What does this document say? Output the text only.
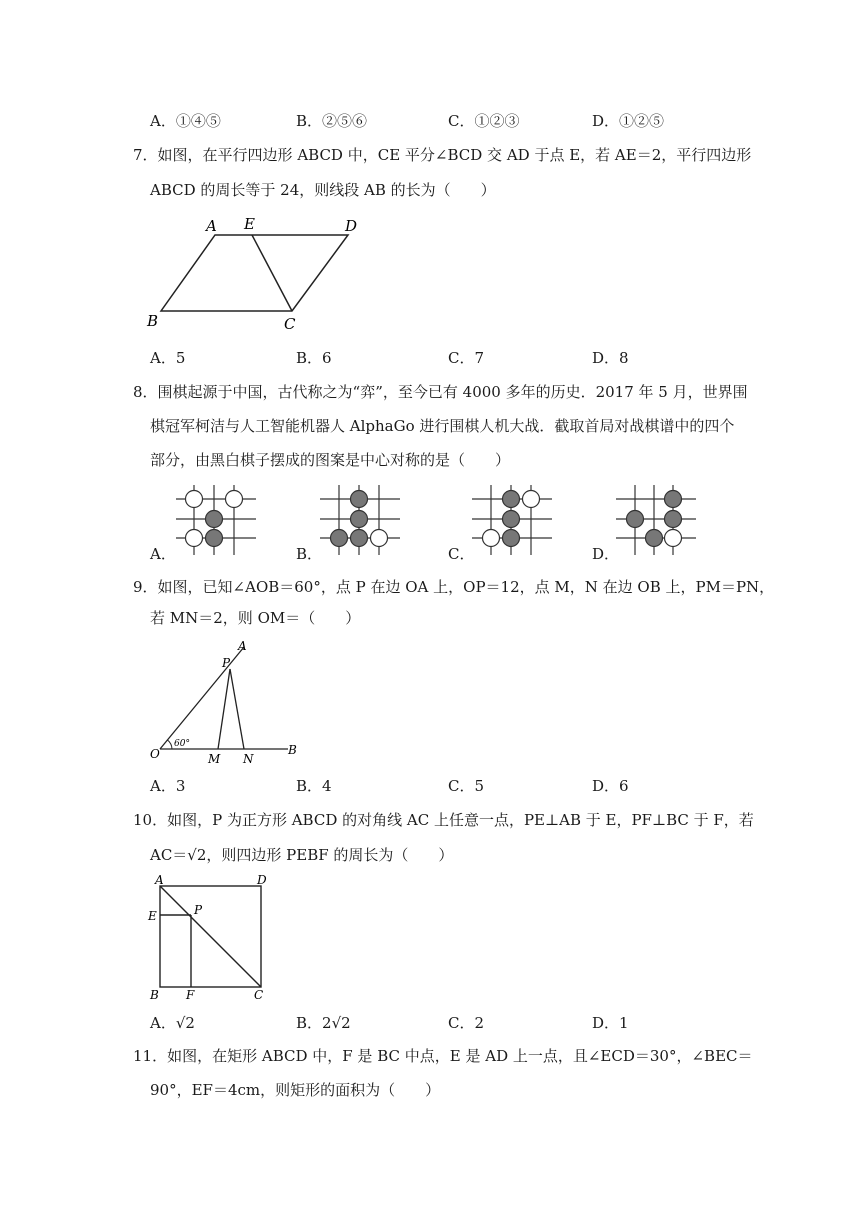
A．①④⑤	B．②⑤⑥	C．①②③	D．①②⑤
7．如图，在平行四边形 ABCD 中，CE 平分∠BCD 交 AD 于点 E，若 AE＝2，平行四边形
ABCD 的周长等于 24，则线段 AB 的长为（　　）
A E	D
B	C
A．5	B．6	C．7	D．8
8．围棋起源于中国，古代称之为“弈”，至今已有 4000 多年的历史．2017 年 5 月，世界围
棋冠军柯洁与人工智能机器人 AlphaGo 进行围棋人机大战．截取首局对战棋谱中的四个
部分，由黑白棋子摆成的图案是中心对称的是（　　）
A．	B．	C．	D．
9．如图，已知∠AOB＝60°，点 P 在边 OA 上，OP＝12，点 M，N 在边 OB 上，PM＝PN，
若 MN＝2，则 OM＝（　　）
A
P
O
60°
M N
B
A．3	B．4	C．5	D．6
10．如图，P 为正方形 ABCD 的对角线 AC 上任意一点，PE⊥AB 于 E，PF⊥BC 于 F，若
AC＝√2，则四边形 PEBF 的周长为（　　）
A	D
E	P
B F	C
A．√2	B．2√2	C．2	D．1
11．如图，在矩形 ABCD 中，F 是 BC 中点，E 是 AD 上一点，且∠ECD＝30°，∠BEC＝
90°，EF＝4cm，则矩形的面积为（　　）
